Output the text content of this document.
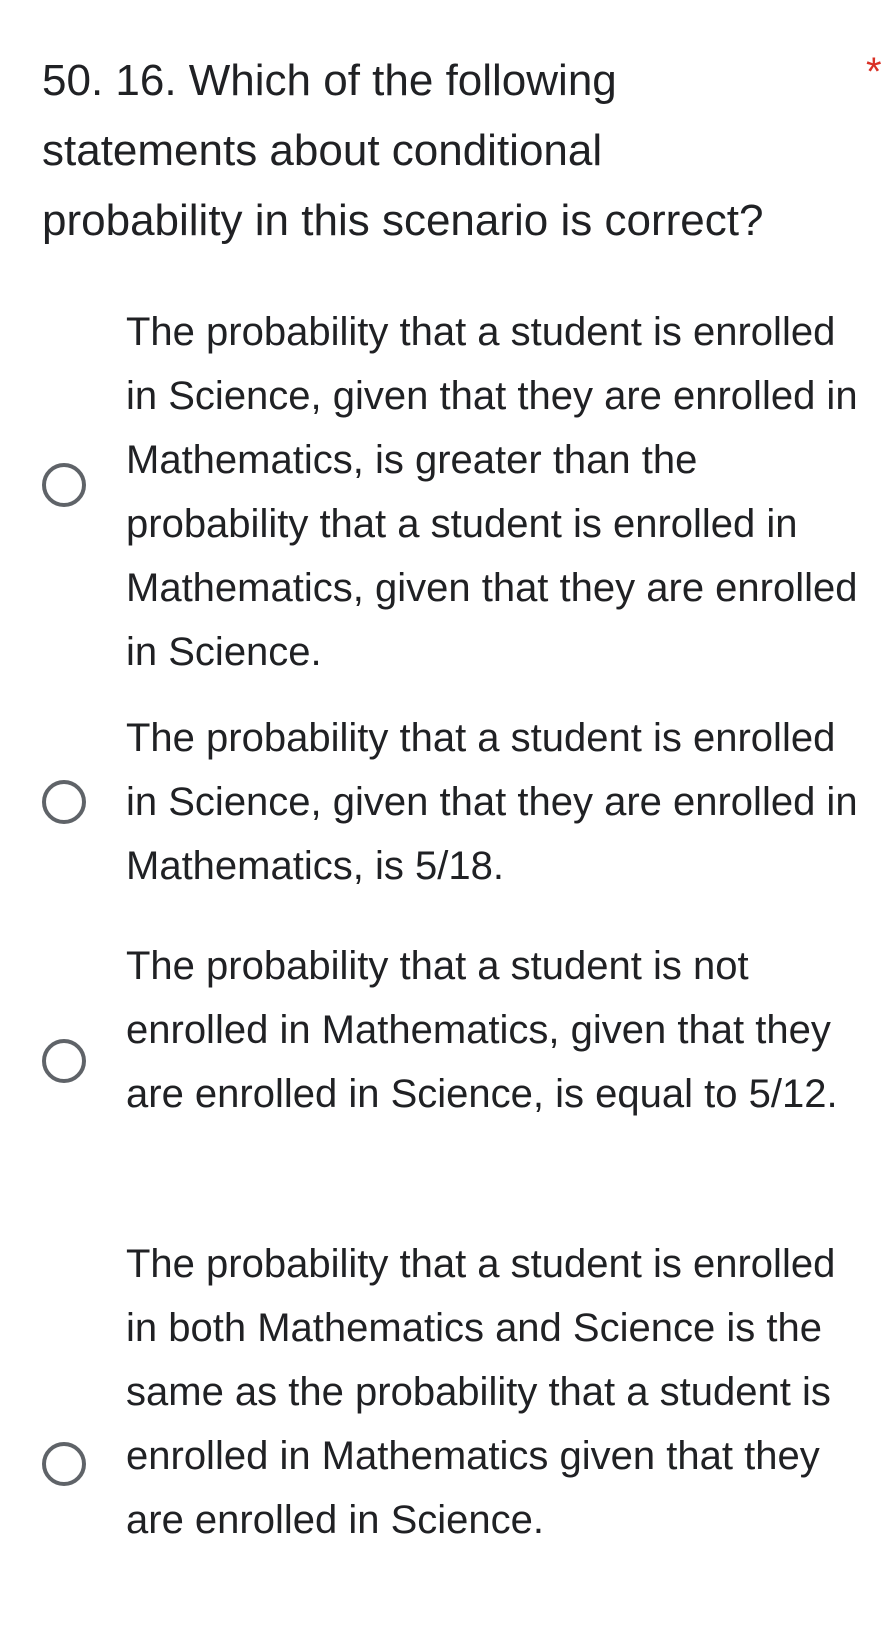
50. 16. Which of the following statements about conditional probability in this scenario is correct?
*
The probability that a student is enrolled in Science, given that they are enrolled in Mathematics, is greater than the probability that a student is enrolled in Mathematics, given that they are enrolled in Science.
The probability that a student is enrolled in Science, given that they are enrolled in Mathematics, is 5/18.
The probability that a student is not enrolled in Mathematics, given that they are enrolled in Science, is equal to 5/12.
The probability that a student is enrolled in both Mathematics and Science is the same as the probability that a student is enrolled in Mathematics given that they are enrolled in Science.
